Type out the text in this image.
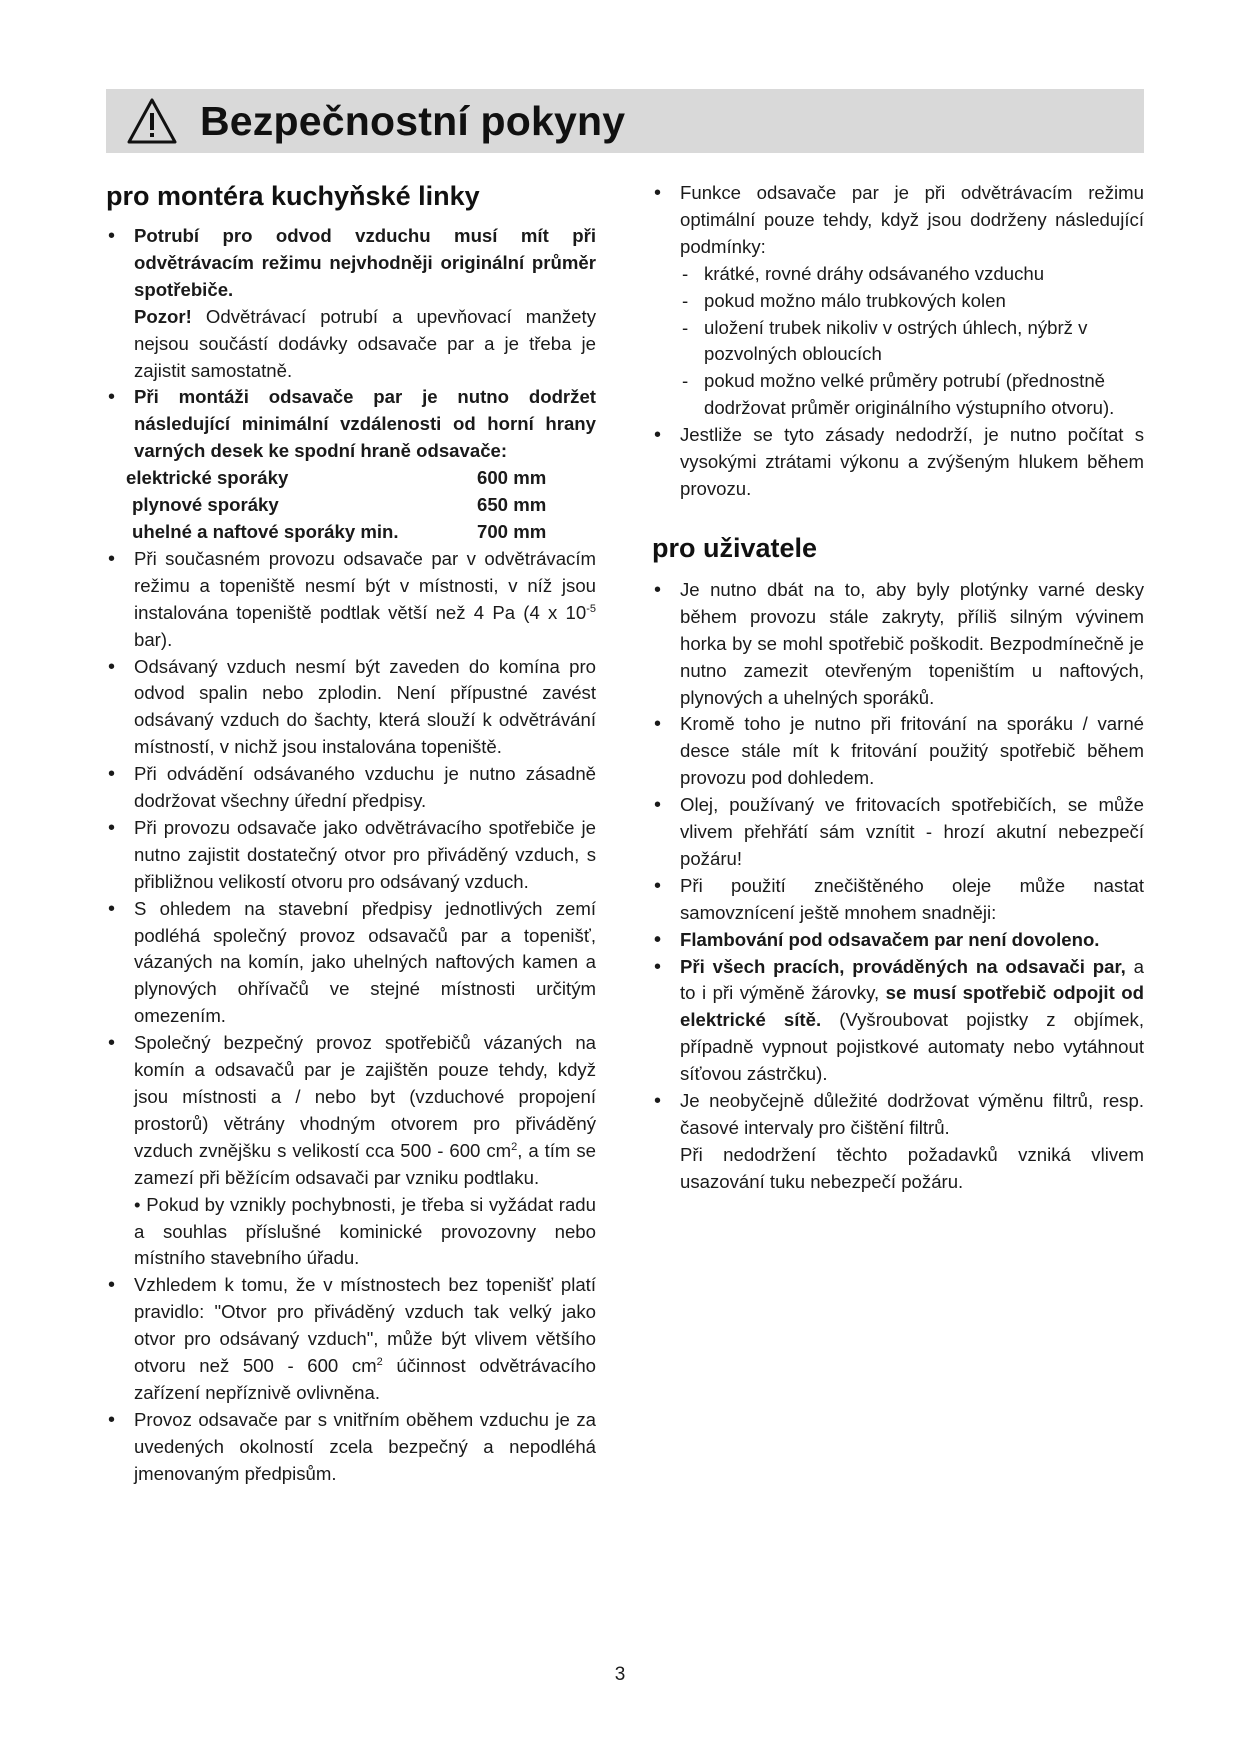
Bezpečnostní pokyny
pro montéra kuchyňské linky
• Potrubí pro odvod vzduchu musí mít při odvětrávacím režimu nejvhodněji originální průměr spotřebiče.
Pozor! Odvětrávací potrubí a upevňovací manžety nejsou součástí dodávky odsavače par a je třeba je zajistit samostatně.
• Při montáži odsavače par je nutno dodržet následující minimální vzdálenosti od horní hrany varných desek ke spodní hraně odsavače:
elektrické sporáky	600 mm
plynové sporáky	650 mm
uhelné a naftové sporáky min.	700 mm
• Při současném provozu odsavače par v odvětrávacím režimu a topeniště nesmí být v místnosti, v níž jsou instalována topeniště podtlak větší než 4 Pa (4 x $10^{-5}$ bar).
• Odsávaný vzduch nesmí být zaveden do komína pro odvod spalin nebo zplodin. Není přípustné zavést odsávaný vzduch do šachty, která slouží k odvětrávání místností, v nichž jsou instalována topeniště.
• Při odvádění odsávaného vzduchu je nutno zásadně dodržovat všechny úřední předpisy.
• Při provozu odsavače jako odvětrávacího spotřebiče je nutno zajistit dostatečný otvor pro přiváděný vzduch, s přibližnou velikostí otvoru pro odsávaný vzduch.
• S ohledem na stavební předpisy jednotlivých zemí podléhá společný provoz odsavačů par a topenišť, vázaných na komín, jako uhelných naftových kamen a plynových ohřívačů ve stejné místnosti určitým omezením.
• Společný bezpečný provoz spotřebičů vázaných na komín a odsavačů par je zajištěn pouze tehdy, když jsou místnosti a / nebo byt (vzduchové propojení prostorů) větrány vhodným otvorem pro přiváděný vzduch zvnějšku s velikostí cca 500 - 600 $cm^2$, a tím se zamezí při běžícím odsavači par vzniku podtlaku.
• Pokud by vznikly pochybnosti, je třeba si vyžádat radu a souhlas příslušné kominické provozovny nebo místního stavebního úřadu.
• Vzhledem k tomu, že v místnostech bez topenišť platí pravidlo: "Otvor pro přiváděný vzduch tak velký jako otvor pro odsávaný vzduch", může být vlivem většího otvoru než 500 - 600 $cm^2$ účinnost odvětrávacího zařízení nepříznivě ovlivněna.
• Provoz odsavače par s vnitřním oběhem vzduchu je za uvedených okolností zcela bezpečný a nepodléhá jmenovaným předpisům.
• Funkce odsavače par je při odvětrávacím režimu optimální pouze tehdy, když jsou dodrženy následující podmínky:
- krátké, rovné dráhy odsávaného vzduchu
- pokud možno málo trubkových kolen
- uložení trubek nikoliv v ostrých úhlech, nýbrž v pozvolných obloucích
- pokud možno velké průměry potrubí (přednostně dodržovat průměr originálního výstupního otvoru).
• Jestliže se tyto zásady nedodrží, je nutno počítat s vysokými ztrátami výkonu a zvýšeným hlukem během provozu.
pro uživatele
• Je nutno dbát na to, aby byly plotýnky varné desky během provozu stále zakryty, příliš silným vývinem horka by se mohl spotřebič poškodit. Bezpodmínečně je nutno zamezit otevřeným topeništím u naftových, plynových a uhelných sporáků.
• Kromě toho je nutno při fritování na sporáku / varné desce stále mít k fritování použitý spotřebič během provozu pod dohledem.
• Olej, používaný ve fritovacích spotřebičích, se může vlivem přehřátí sám vznítit - hrozí akutní nebezpečí požáru!
• Při použití znečištěného oleje může nastat samovznícení ještě mnohem snadněji:
• Flambování pod odsavačem par není dovoleno.
• Při všech pracích, prováděných na odsavači par, a to i při výměně žárovky, se musí spotřebič odpojit od elektrické sítě. (Vyšroubovat pojistky z objímek, případně vypnout pojistkové automaty nebo vytáhnout síťovou zástrčku).
• Je neobyčejně důležité dodržovat výměnu filtrů, resp. časové intervaly pro čištění filtrů.
Při nedodržení těchto požadavků vzniká vlivem usazování tuku nebezpečí požáru.
3
